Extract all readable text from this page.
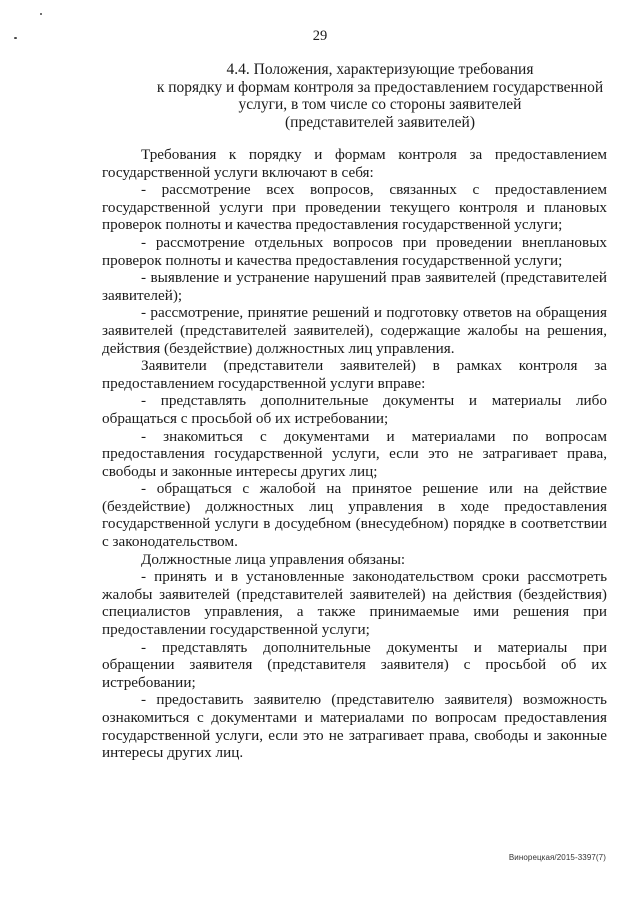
29
4.4. Положения, характеризующие требования
к порядку и формам контроля за предоставлением государственной
услуги, в том числе со стороны заявителей
(представителей заявителей)

Требования к порядку и формам контроля за предоставлением государственной услуги включают в себя:

- рассмотрение всех вопросов, связанных с предоставлением государственной услуги при проведении текущего контроля и плановых проверок полноты и качества предоставления государственной услуги;

- рассмотрение отдельных вопросов при проведении внеплановых проверок полноты и качества предоставления государственной услуги;

- выявление и устранение нарушений прав заявителей (представителей заявителей);

- рассмотрение, принятие решений и подготовку ответов на обращения заявителей (представителей заявителей), содержащие жалобы на решения, действия (бездействие) должностных лиц управления.

Заявители (представители заявителей) в рамках контроля за предоставлением государственной услуги вправе:

- представлять дополнительные документы и материалы либо обращаться с просьбой об их истребовании;

- знакомиться с документами и материалами по вопросам предоставления государственной услуги, если это не затрагивает права, свободы и законные интересы других лиц;

- обращаться с жалобой на принятое решение или на действие (бездействие) должностных лиц управления в ходе предоставления государственной услуги в досудебном (внесудебном) порядке в соответствии с законодательством.

Должностные лица управления обязаны:

- принять и в установленные законодательством сроки рассмотреть жалобы заявителей (представителей заявителей) на действия (бездействия) специалистов управления, а также принимаемые ими решения при предоставлении государственной услуги;

- представлять дополнительные документы и материалы при обращении заявителя (представителя заявителя) с просьбой об их истребовании;

- предоставить заявителю (представителю заявителя) возможность ознакомиться с документами и материалами по вопросам предоставления государственной услуги, если это не затрагивает права, свободы и законные интересы других лиц.

Винорецкая/2015-3397(7)
